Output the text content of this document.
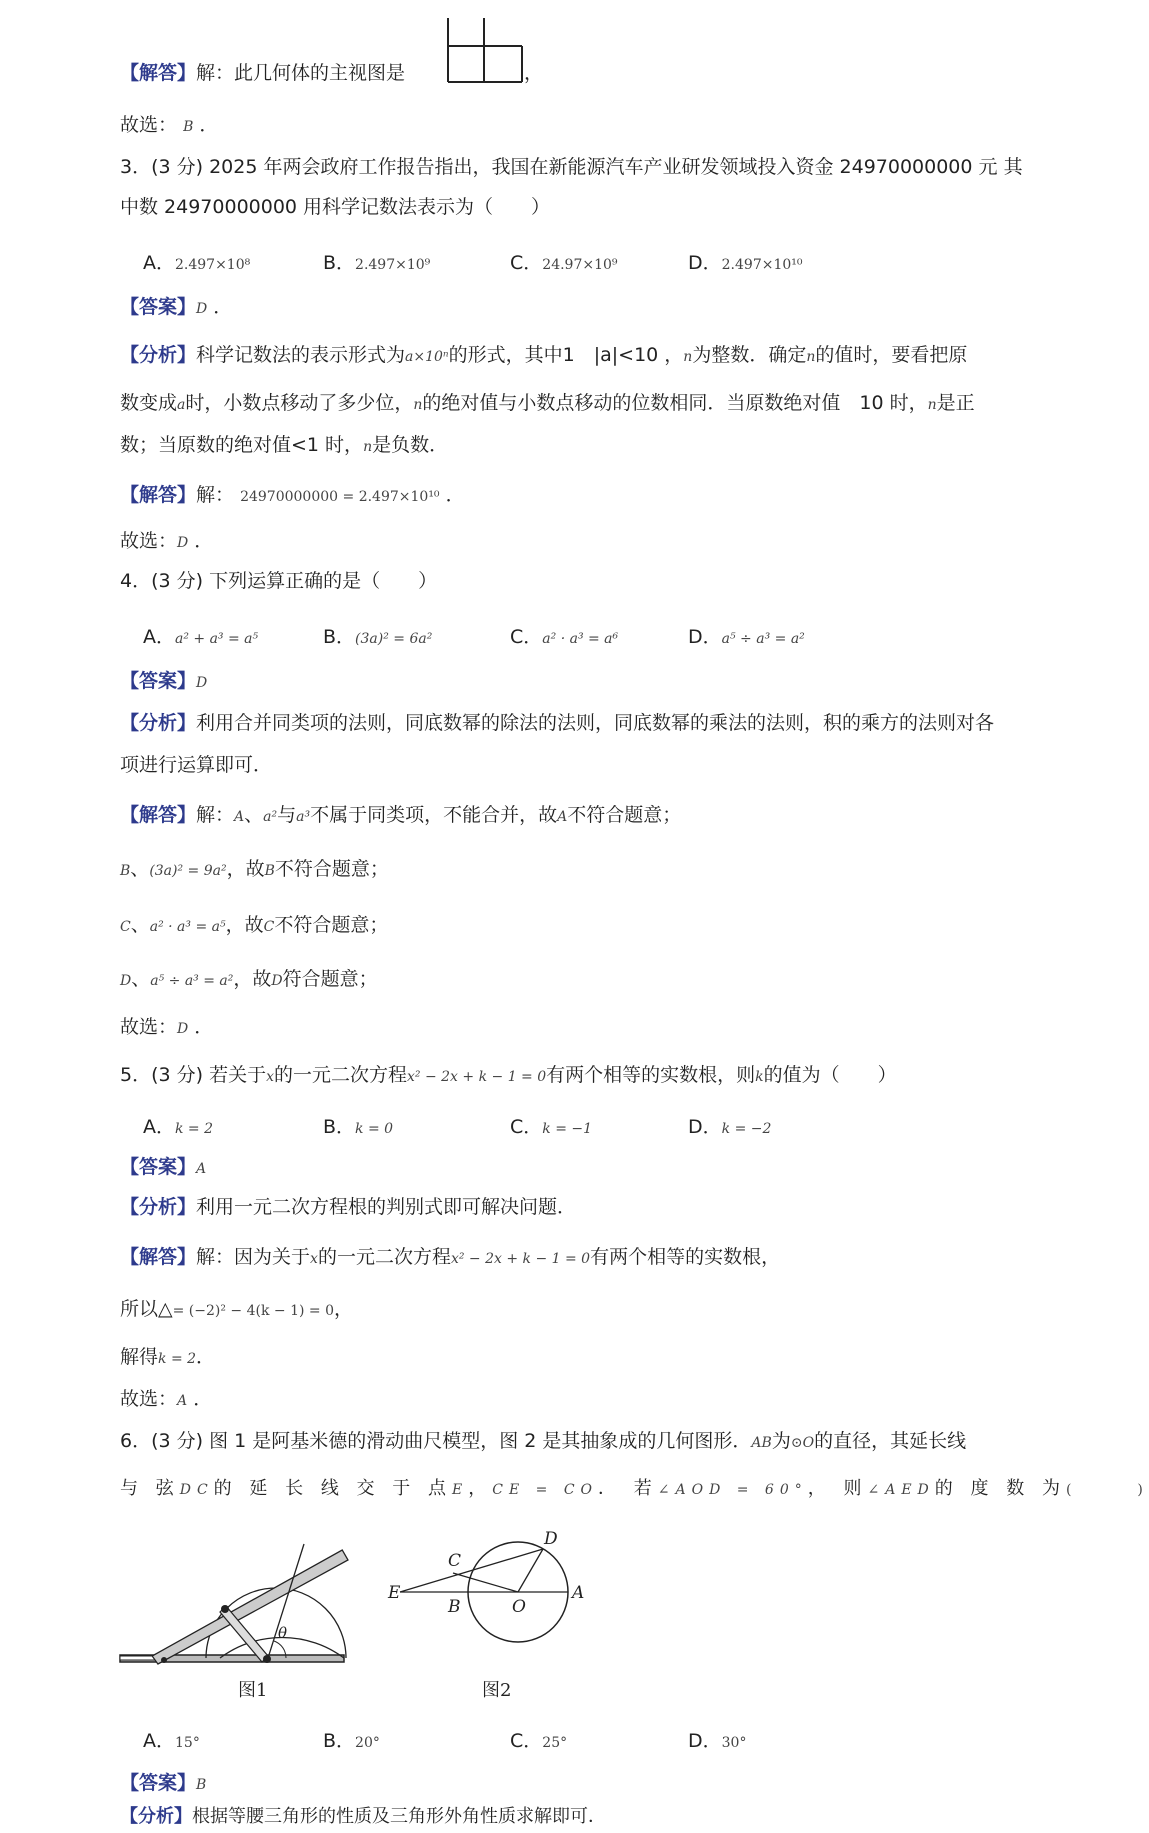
【解答】解：此几何体的主视图是	，
故选： B ．
3．(3 分) 2025 年两会政府工作报告指出，我国在新能源汽车产业研发领域投入资金 24970000000 元 其
中数 24970000000 用科学记数法表示为（　　）
A．2.497×10⁸	B．2.497×10⁹	C．24.97×10⁹	D．2.497×10¹⁰
【答案】D ．
【分析】科学记数法的表示形式为a×10ⁿ的形式，其中1　|a|<10 ，n为整数．确定n的值时，要看把原
数变成a时，小数点移动了多少位，n的绝对值与小数点移动的位数相同．当原数绝对值　10 时，n是正
数；当原数的绝对值<1 时，n是负数．
【解答】解： 24970000000 = 2.497×10¹⁰ ．
故选：D ．
4．(3 分) 下列运算正确的是（　　）
A．a² + a³ = a⁵	B．(3a)² = 6a²	C．a² · a³ = a⁶	D．a⁵ ÷ a³ = a²
【答案】D
【分析】利用合并同类项的法则，同底数幂的除法的法则，同底数幂的乘法的法则，积的乘方的法则对各
项进行运算即可．
【解答】解：A、a²与a³不属于同类项，不能合并，故A不符合题意；
B、(3a)² = 9a²，故B不符合题意；
C、a² · a³ = a⁵，故C不符合题意；
D、a⁵ ÷ a³ = a²，故D符合题意；
故选：D ．
5．(3 分) 若关于x的一元二次方程x² − 2x + k − 1 = 0有两个相等的实数根，则k的值为（　　）
A．k = 2	B．k = 0	C．k = −1	D．k = −2
【答案】A
【分析】利用一元二次方程根的判别式即可解决问题．
【解答】解：因为关于x的一元二次方程x² − 2x + k − 1 = 0有两个相等的实数根，
所以△= (−2)² − 4(k − 1) = 0，
解得k = 2．
故选：A ．
6．(3 分) 图 1 是阿基米德的滑动曲尺模型，图 2 是其抽象成的几何图形．AB为⊙O的直径，其延长线
与 弦DC的 延 长 线 交 于 点E，CE = CO． 若∠AOD = 60°， 则∠AED的 度 数 为(　　　)
θ
图1
D
C
E	A
B	O
图2
A．15°	B．20°	C．25°	D．30°
【答案】B
【分析】根据等腰三角形的性质及三角形外角性质求解即可．
